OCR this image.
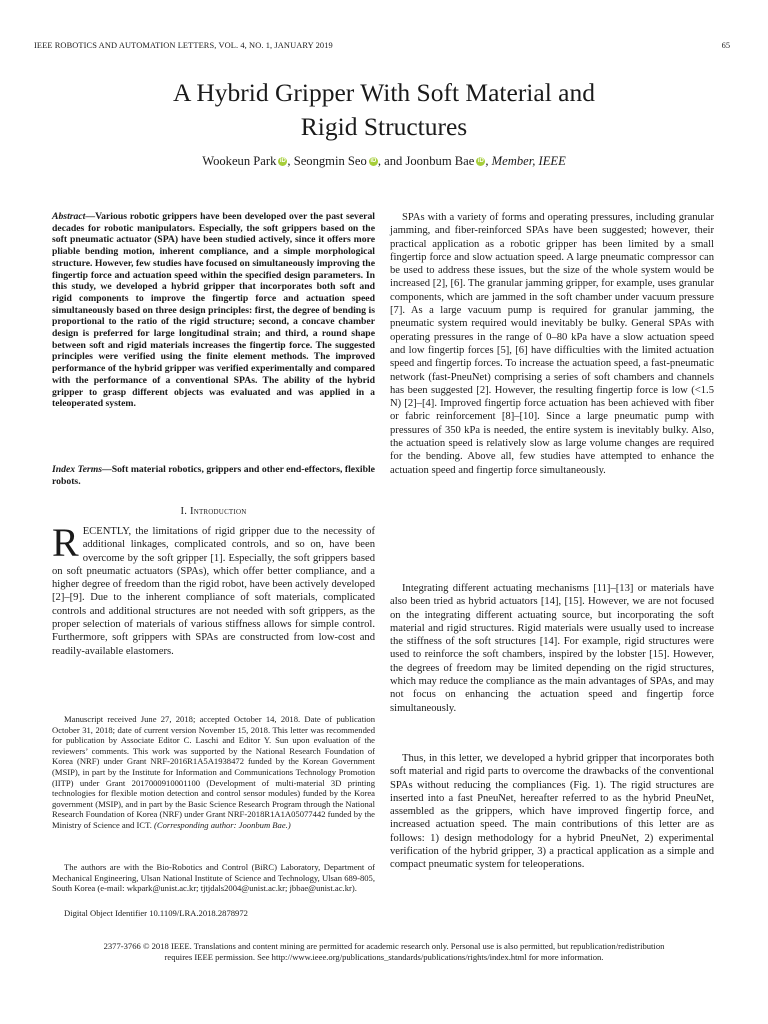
IEEE ROBOTICS AND AUTOMATION LETTERS, VOL. 4, NO. 1, JANUARY 2019	65
A Hybrid Gripper With Soft Material and
Rigid Structures
Wookeun Park iD , Seongmin Seo iD , and Joonbum Bae iD , Member, IEEE
Abstract—Various robotic grippers have been developed over the past several decades for robotic manipulators. Especially, the soft grippers based on the soft pneumatic actuator (SPA) have been studied actively, since it offers more pliable bending motion, inherent compliance, and a simple morphological structure. However, few studies have focused on simultaneously improving the fingertip force and actuation speed within the specified design parameters. In this study, we developed a hybrid gripper that incorporates both soft and rigid components to improve the fingertip force and actuation speed simultaneously based on three design principles: first, the degree of bending is proportional to the ratio of the rigid structure; second, a concave chamber design is preferred for large longitudinal strain; and third, a round shape between soft and rigid materials increases the fingertip force. The suggested principles were verified using the finite element methods. The improved performance of the hybrid gripper was verified experimentally and compared with the performance of a conventional SPAs. The ability of the hybrid gripper to grasp different objects was evaluated and was applied in a teleoperated system.
Index Terms—Soft material robotics, grippers and other end-effectors, flexible robots.
I. Introduction
RECENTLY, the limitations of rigid gripper due to the necessity of additional linkages, complicated controls, and so on, have been overcome by the soft gripper [1]. Especially, the soft grippers based on soft pneumatic actuators (SPAs), which offer better compliance, and a higher degree of freedom than the rigid robot, have been actively developed [2]–[9]. Due to the inherent compliance of soft materials, complicated controls and additional structures are not needed with soft grippers, as the proper selection of materials of various stiffness allows for simple control. Furthermore, soft grippers with SPAs are constructed from low-cost and readily-available elastomers.
Manuscript received June 27, 2018; accepted October 14, 2018. Date of publication October 31, 2018; date of current version November 15, 2018. This letter was recommended for publication by Associate Editor C. Laschi and Editor Y. Sun upon evaluation of the reviewers’ comments. This work was supported by the National Research Foundation of Korea (NRF) under Grant NRF-2016R1A5A1938472 funded by the Korean Government (MSIP), in part by the Institute for Information and Communications Technology Promotion (IITP) under Grant 2017000910001100 (Development of multi-material 3D printing technologies for flexible motion detection and control sensor modules) funded by the Korea government (MSIP), and in part by the Basic Science Research Program through the National Research Foundation of Korea (NRF) under Grant NRF-2018R1A1A05077442 funded by the Ministry of Science and ICT. (Corresponding author: Joonbum Bae.)
The authors are with the Bio-Robotics and Control (BiRC) Laboratory, Department of Mechanical Engineering, Ulsan National Institute of Science and Technology, Ulsan 689-805, South Korea (e-mail: wkpark@unist.ac.kr; tjtjdals2004@unist.ac.kr; jbbae@unist.ac.kr).
Digital Object Identifier 10.1109/LRA.2018.2878972

SPAs with a variety of forms and operating pressures, including granular jamming, and fiber-reinforced SPAs have been suggested; however, their practical application as a robotic gripper has been limited by a small fingertip force and slow actuation speed. A large pneumatic compressor can be used to address these issues, but the size of the whole system would be increased [2], [6]. The granular jamming gripper, for example, uses granular components, which are jammed in the soft chamber under vacuum pressure [7]. As a large vacuum pump is required for granular jamming, the pneumatic system required would inevitably be bulky. General SPAs with operating pressures in the range of 0–80 kPa have a slow actuation speed and low fingertip forces [5], [6] have difficulties with the limited actuation speed and fingertip forces. To increase the actuation speed, a fast-pneumatic network (fast-PneuNet) comprising a series of soft chambers and channels has been suggested [2]. However, the resulting fingertip force is low (<1.5 N) [2]–[4]. Improved fingertip force actuation has been achieved with fiber or fabric reinforcement [8]–[10]. Since a large pneumatic pump with pressures of 350 kPa is needed, the entire system is inevitably bulky. Also, the actuation speed is relatively slow as large volume changes are required for the bending. Above all, few studies have attempted to enhance the actuation speed and fingertip force simultaneously.

Integrating different actuating mechanisms [11]–[13] or materials have also been tried as hybrid actuators [14], [15]. However, we are not focused on the integrating different actuating source, but incorporating the soft material and rigid structures. Rigid materials were usually used to increase the stiffness of the soft structures [14]. For example, rigid structures were used to reinforce the soft chambers, inspired by the lobster [15]. However, the degrees of freedom may be limited depending on the rigid structures, which may reduce the compliance as the main advantages of SPAs, and may not focus on enhancing the actuation speed and fingertip force simultaneously.

Thus, in this letter, we developed a hybrid gripper that incorporates both soft material and rigid parts to overcome the drawbacks of the conventional SPAs without reducing the compliances (Fig. 1). The rigid structures are inserted into a fast PneuNet, hereafter referred to as the hybrid PneuNet, assembled as the grippers, which have improved fingertip force, and increased actuation speed. The main contributions of this letter are as follows: 1) design methodology for a hybrid PneuNet, 2) experimental verification of the hybrid gripper, 3) a practical application as a simple and compact pneumatic system for teleoperations.

2377-3766 © 2018 IEEE. Translations and content mining are permitted for academic research only. Personal use is also permitted, but republication/redistribution
requires IEEE permission. See http://www.ieee.org/publications_standards/publications/rights/index.html for more information.
